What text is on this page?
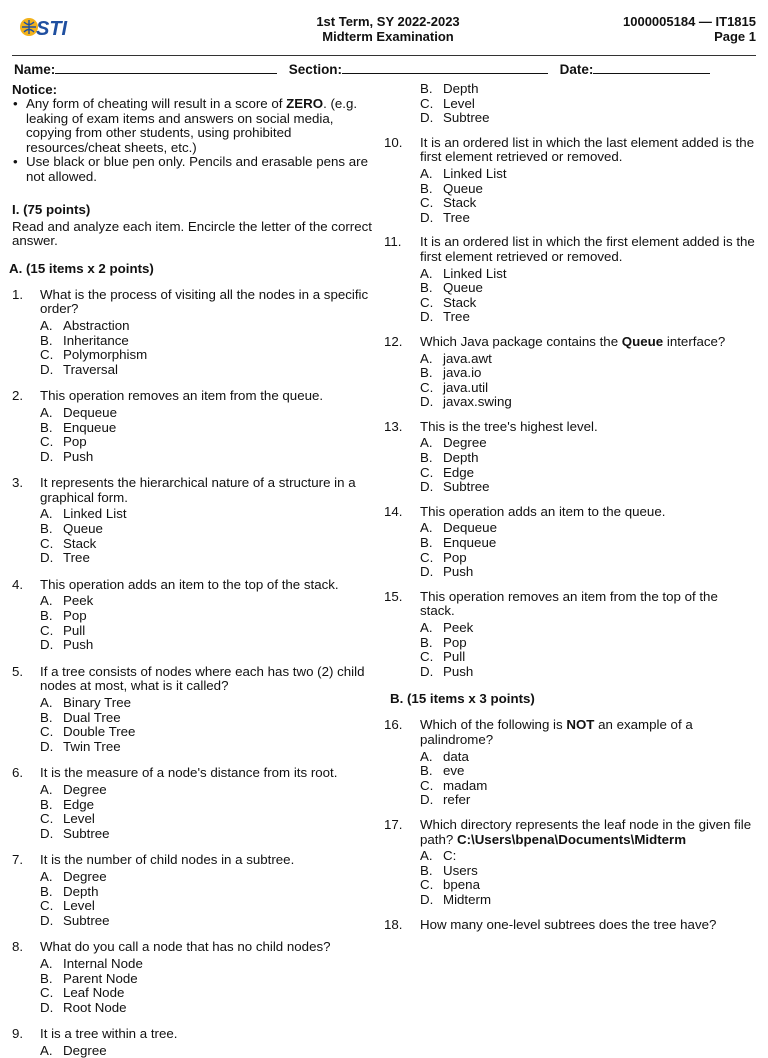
STI	1st Term, SY 2022-2023
Midterm Examination
1000005184 — IT1815
Page 1
Name:	Section:	Date:
Notice:
• Any form of cheating will result in a score of ZERO. (e.g. leaking of exam items and answers on social media, copying from other students, using prohibited resources/cheat sheets, etc.)
• Use black or blue pen only. Pencils and erasable pens are not allowed.
I. (75 points)
Read and analyze each item. Encircle the letter of the correct answer.
A. (15 items x 2 points)
1.	What is the process of visiting all the nodes in a specific order?
A. Abstraction
B. Inheritance
C. Polymorphism
D. Traversal
2.	This operation removes an item from the queue.
A. Dequeue
B. Enqueue
C. Pop
D. Push
3.	It represents the hierarchical nature of a structure in a graphical form.
A. Linked List
B. Queue
C. Stack
D. Tree
4.	This operation adds an item to the top of the stack.
A. Peek
B. Pop
C. Pull
D. Push
5.	If a tree consists of nodes where each has two (2) child nodes at most, what is it called?
A. Binary Tree
B. Dual Tree
C. Double Tree
D. Twin Tree
6.	It is the measure of a node's distance from its root.
A. Degree
B. Edge
C. Level
D. Subtree
7.	It is the number of child nodes in a subtree.
A. Degree
B. Depth
C. Level
D. Subtree
8.	What do you call a node that has no child nodes?
A. Internal Node
B. Parent Node
C. Leaf Node
D. Root Node
9.	It is a tree within a tree.
A. Degree
B. Depth
C. Level
D. Subtree
10.	It is an ordered list in which the last element added is the first element retrieved or removed.
A. Linked List
B. Queue
C. Stack
D. Tree
11.	It is an ordered list in which the first element added is the first element retrieved or removed.
A. Linked List
B. Queue
C. Stack
D. Tree
12.	Which Java package contains the Queue interface?
A. java.awt
B. java.io
C. java.util
D. javax.swing
13.	This is the tree's highest level.
A. Degree
B. Depth
C. Edge
D. Subtree
14.	This operation adds an item to the queue.
A. Dequeue
B. Enqueue
C. Pop
D. Push
15.	This operation removes an item from the top of the stack.
A. Peek
B. Pop
C. Pull
D. Push
B. (15 items x 3 points)
16.	Which of the following is NOT an example of a palindrome?
A. data
B. eve
C. madam
D. refer
17.	Which directory represents the leaf node in the given file path? C:\Users\bpena\Documents\Midterm
A. C:
B. Users
C. bpena
D. Midterm
18.	How many one-level subtrees does the tree have?
